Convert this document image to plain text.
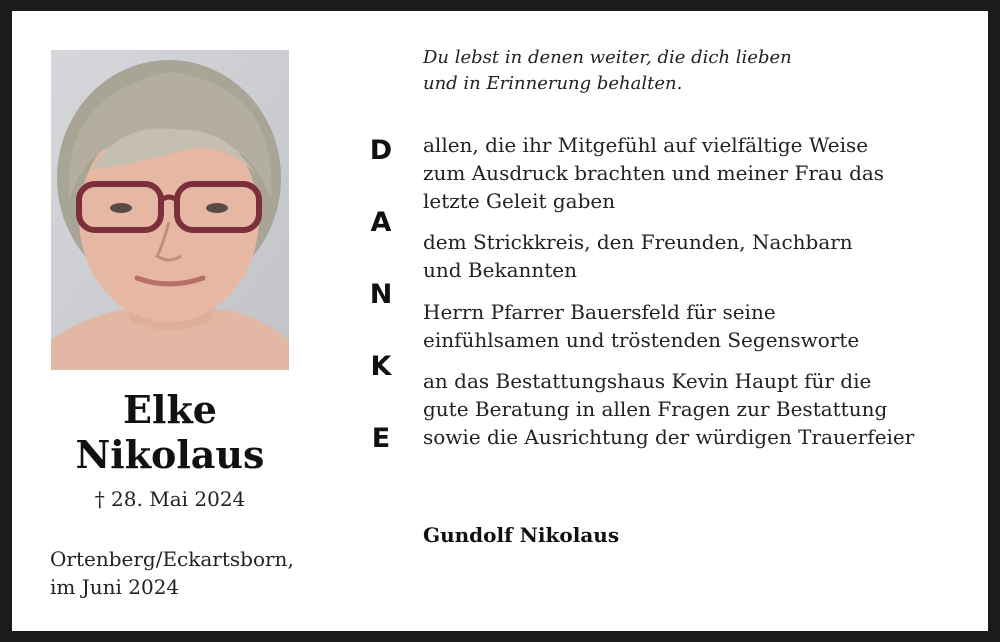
Elke
Nikolaus
† 28. Mai 2024
Ortenberg/Eckartsborn,
im Juni 2024
Du lebst in denen weiter, die dich lieben
und in Erinnerung behalten.
D
A
N
K
E
allen, die ihr Mitgefühl auf vielfältige Weise
zum Ausdruck brachten und meiner Frau das
letzte Geleit gaben
dem Strickkreis, den Freunden, Nachbarn
und Bekannten
Herrn Pfarrer Bauersfeld für seine
einfühlsamen und tröstenden Segensworte
an das Bestattungshaus Kevin Haupt für die
gute Beratung in allen Fragen zur Bestattung
sowie die Ausrichtung der würdigen Trauerfeier
Gundolf Nikolaus
